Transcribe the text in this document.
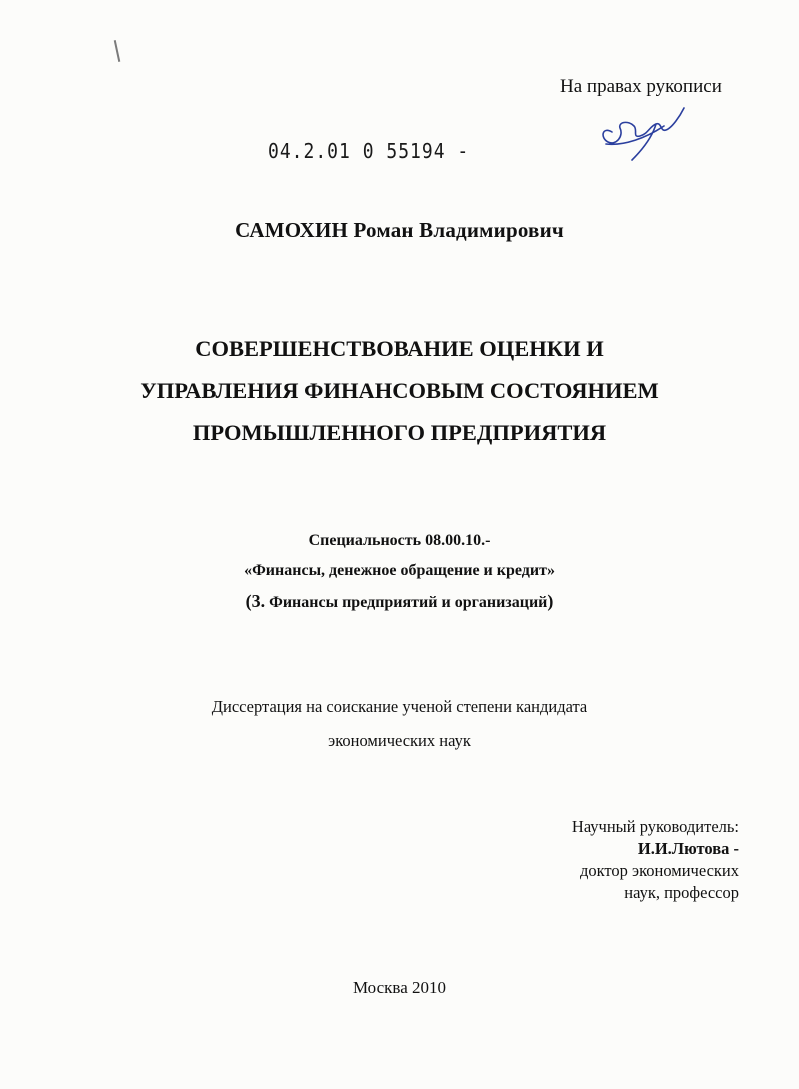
На правах рукописи
04.2.01 0 55194 -
САМОХИН Роман Владимирович
СОВЕРШЕНСТВОВАНИЕ ОЦЕНКИ И
УПРАВЛЕНИЯ ФИНАНСОВЫМ СОСТОЯНИЕМ
ПРОМЫШЛЕННОГО ПРЕДПРИЯТИЯ
Специальность 08.00.10.-
«Финансы, денежное обращение и кредит»
(3. Финансы предприятий и организаций)
Диссертация на соискание ученой степени кандидата
экономических наук
Научный руководитель:
И.И.Лютова -
доктор экономических
наук, профессор
Москва 2010
